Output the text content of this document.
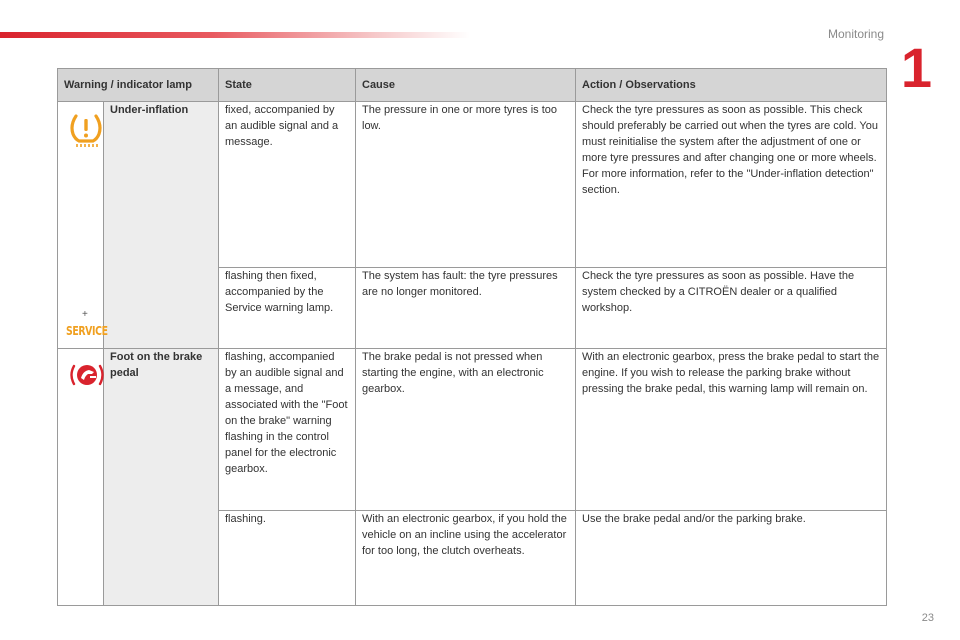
Monitoring
1
23
Warning / indicator lamp		State	Cause	Action / Observations

+
SERVICE	Under-inflation	fixed, accompanied by an audible signal and a message.	The pressure in one or more tyres is too low.	Check the tyre pressures as soon as possible. This check should preferably be carried out when the tyres are cold. You must reinitialise the system after the adjustment of one or more tyre pressures and after changing one or more wheels. For more information, refer to the "Under-inflation detection" section.
		flashing then fixed, accompanied by the Service warning lamp.	The system has fault: the tyre pressures are no longer monitored.	Check the tyre pressures as soon as possible. Have the system checked by a CITROËN dealer or a qualified workshop.

	Foot on the brake pedal	flashing, accompanied by an audible signal and a message, and associated with the "Foot on the brake" warning flashing in the control panel for the electronic gearbox.	The brake pedal is not pressed when starting the engine, with an electronic gearbox.	With an electronic gearbox, press the brake pedal to start the engine. If you wish to release the parking brake without pressing the brake pedal, this warning lamp will remain on.
		flashing.	With an electronic gearbox, if you hold the vehicle on an incline using the accelerator for too long, the clutch overheats.	Use the brake pedal and/or the parking brake.
